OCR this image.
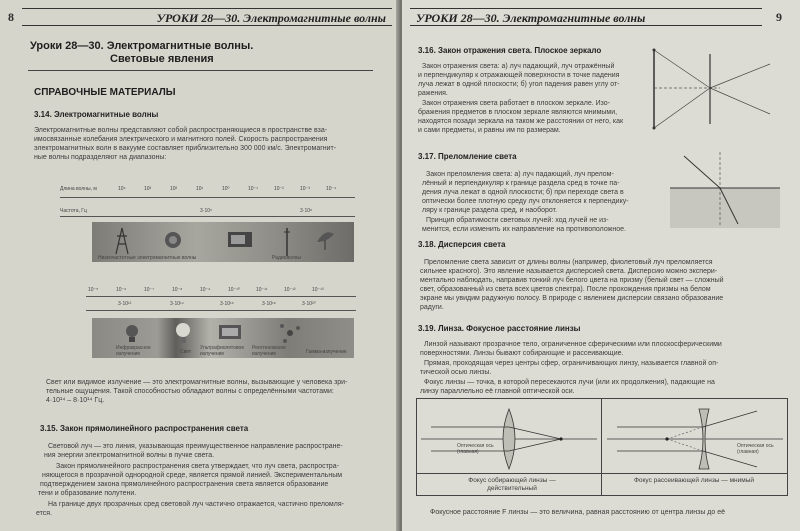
8	УРОКИ 28—30. Электромагнитные волны
Уроки 28—30. Электромагнитные волны.
Световые явления
СПРАВОЧНЫЕ МАТЕРИАЛЫ
3.14. Электромагнитные волны
Электромагнитные волны представляют собой распространяющиеся в пространстве вза-
имосвязанные колебания электрического и магнитного полей. Скорость распространения
электромагнитных волн в вакууме составляет приблизительно 300 000 км/с. Электромагнит-
ные волны подразделяют на диапазоны:
Длина волны, м	10⁴	10³	10²	10¹	10⁰	10⁻¹	10⁻²	10⁻³	10⁻⁴
Частота, Гц	3·10⁵	3·10⁸
Низкочастотные электромагнитные волны	Радиоволны
10⁻⁵	10⁻⁶	10⁻⁷	10⁻⁸	10⁻⁹	10⁻¹⁰	10⁻¹¹	10⁻¹²	10⁻¹³
3·10¹²	3·10¹⁴	3·10¹⁶	3·10¹⁸	3·10²⁰
Инфракрасное излучение	Свет
Ультрафиолетовое излучение
Рентгеновское излучение	Гамма-излучение
Свет или видимое излучение — это электромагнитные волны, вызывающие у человека зри-
тельные ощущения. Такой способностью обладают волны с определёнными частотами:
4·10¹⁴ – 8·10¹⁴ Гц.
3.15. Закон прямолинейного распространения света
Световой луч — это линия, указывающая преимущественное направление распростране-
ния энергии электромагнитной волны в пучке света.
Закон прямолинейного распространения света утверждает, что луч света, распростра-
няющегося в прозрачной однородной среде, является прямой линией. Экспериментальным
подтверждением закона прямолинейного распространения света является образование
тени и образование полутени.
На границе двух прозрачных сред световой луч частично отражается, частично преломля-
ется.
УРОКИ 28—30. Электромагнитные волны	9
3.16. Закон отражения света. Плоское зеркало
Закон отражения света: а) луч падающий, луч отражённый
и перпендикуляр к отражающей поверхности в точке падения
луча лежат в одной плоскости; б) угол падения равен углу от-
ражения.
Закон отражения света работает в плоском зеркале. Изо-
бражения предметов в плоском зеркале являются мнимыми,
находятся позади зеркала на таком же расстоянии от него, как
и сами предметы, и равны им по размерам.
3.17. Преломление света
Закон преломления света: а) луч падающий, луч прелом-
лённый и перпендикуляр к границе раздела сред в точке па-
дения луча лежат в одной плоскости; б) при переходе света в
оптически более плотную среду луч отклоняется к перпендику-
ляру к границе раздела сред, и наоборот.
Принцип обратимости световых лучей: ход лучей не из-
менится, если изменить их направление на противоположное.
3.18. Дисперсия света
Преломление света зависит от длины волны (например, фиолетовый луч преломляется
сильнее красного). Это явление называется дисперсией света. Дисперсию можно экспери-
ментально наблюдать, направив тонкий луч белого цвета на призму (белый свет — сложный
свет, образованный из света всех цветов спектра). После прохождения призмы на белом
экране мы увидим радужную полосу. В природе с явлением дисперсии связано образование
радуги.
3.19. Линза. Фокусное расстояние линзы
Линзой называют прозрачное тело, ограниченное сферическими или плоскосферическими
поверхностями. Линзы бывают собирающие и рассеивающие.
Прямая, проходящая через центры сфер, ограничивающих линзу, называется главной оп-
тической осью линзы.
Фокус линзы — точка, в которой пересекаются лучи (или их продолжения), падающие на
линзу параллельно её главной оптической оси.
Оптическая ось (главная)
Оптическая ось (главная)
Фокус собирающей линзы — действительный
Фокус рассеивающей линзы — мнимый
Фокусное расстояние F линзы — это величина, равная расстоянию от центра линзы до её
